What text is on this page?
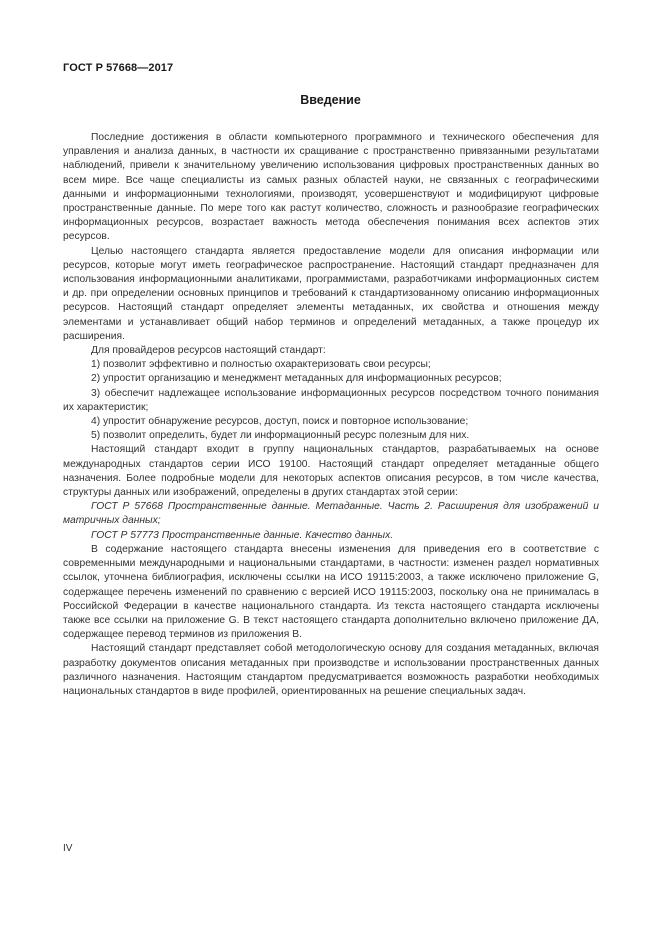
ГОСТ Р 57668—2017
Введение

Последние достижения в области компьютерного программного и технического обеспечения для управления и анализа данных, в частности их сращивание с пространственно привязанными результатами наблюдений, привели к значительному увеличению использования цифровых пространственных данных во всем мире. Все чаще специалисты из самых разных областей науки, не связанных с географическими данными и информационными технологиями, производят, усовершенствуют и модифицируют цифровые пространственные данные. По мере того как растут количество, сложность и разнообразие географических информационных ресурсов, возрастает важность метода обеспечения понимания всех аспектов этих ресурсов.

Целью настоящего стандарта является предоставление модели для описания информации или ресурсов, которые могут иметь географическое распространение. Настоящий стандарт предназначен для использования информационными аналитиками, программистами, разработчиками информационных систем и др. при определении основных принципов и требований к стандартизованному описанию информационных ресурсов. Настоящий стандарт определяет элементы метаданных, их свойства и отношения между элементами и устанавливает общий набор терминов и определений метаданных, а также процедур их расширения.

Для провайдеров ресурсов настоящий стандарт:

1) позволит эффективно и полностью охарактеризовать свои ресурсы;

2) упростит организацию и менеджмент метаданных для информационных ресурсов;

3) обеспечит надлежащее использование информационных ресурсов посредством точного понимания их характеристик;

4) упростит обнаружение ресурсов, доступ, поиск и повторное использование;

5) позволит определить, будет ли информационный ресурс полезным для них.

Настоящий стандарт входит в группу национальных стандартов, разрабатываемых на основе международных стандартов серии ИСО 19100. Настоящий стандарт определяет метаданные общего назначения. Более подробные модели для некоторых аспектов описания ресурсов, в том числе качества, структуры данных или изображений, определены в других стандартах этой серии:

ГОСТ Р 57668 Пространственные данные. Метаданные. Часть 2. Расширения для изображений и матричных данных;

ГОСТ Р 57773 Пространственные данные. Качество данных.

В содержание настоящего стандарта внесены изменения для приведения его в соответствие с современными международными и национальными стандартами, в частности: изменен раздел нормативных ссылок, уточнена библиография, исключены ссылки на ИСО 19115:2003, а также исключено приложение G, содержащее перечень изменений по сравнению с версией ИСО 19115:2003, поскольку она не принималась в Российской Федерации в качестве национального стандарта. Из текста настоящего стандарта исключены также все ссылки на приложение G. В текст настоящего стандарта дополнительно включено приложение ДА, содержащее перевод терминов из приложения В.

Настоящий стандарт представляет собой методологическую основу для создания метаданных, включая разработку документов описания метаданных при производстве и использовании пространственных данных различного назначения. Настоящим стандартом предусматривается возможность разработки необходимых национальных стандартов в виде профилей, ориентированных на решение специальных задач.

IV
